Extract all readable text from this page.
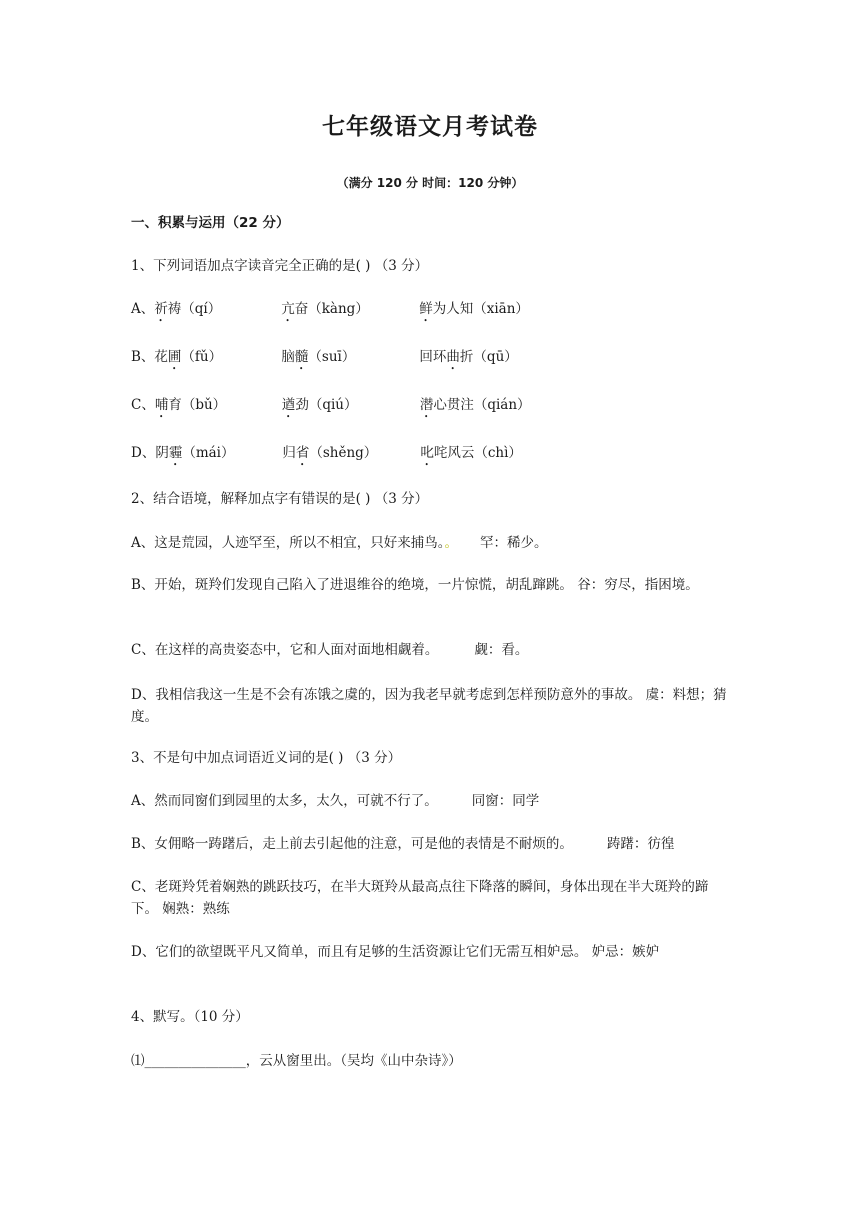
七年级语文月考试卷
（满分 120 分 时间：120 分钟）
一、积累与运用（22 分）
1、下列词语加点字读音完全正确的是( ) （3 分）
A、祈祷（qí）	亢奋（kàng）	鲜为人知（xiān）
B、花圃（fǔ）	脑髓（suī）	回环曲折（qū）
C、哺育（bǔ）	遒劲（qiú）	潜心贯注（qián）
D、阴霾（mái）	归省（shěng）	叱咤风云（chì）
2、结合语境，解释加点字有错误的是( ) （3 分）
A、这是荒园，人迹罕至，所以不相宜，只好来捕鸟。。 罕：稀少。
B、开始，斑羚们发现自己陷入了进退维谷的绝境，一片惊慌，胡乱蹿跳。 谷：穷尽，指困境。
C、在这样的高贵姿态中，它和人面对面地相觑着。	觑：看。
D、我相信我这一生是不会有冻饿之虞的，因为我老早就考虑到怎样预防意外的事故。 虞：料想；猜度。
3、不是句中加点词语近义词的是( ) （3 分）
A、然而同窗们到园里的太多，太久，可就不行了。	同窗：同学
B、女佣略一踌躇后，走上前去引起他的注意，可是他的表情是不耐烦的。	踌躇：彷徨
C、老斑羚凭着娴熟的跳跃技巧，在半大斑羚从最高点往下降落的瞬间，身体出现在半大斑羚的蹄下。 娴熟：熟练
D、它们的欲望既平凡又简单，而且有足够的生活资源让它们无需互相妒忌。 妒忌：嫉妒
4、默写。（10 分）
⑴_______________，云从窗里出。（吴均《山中杂诗》）
